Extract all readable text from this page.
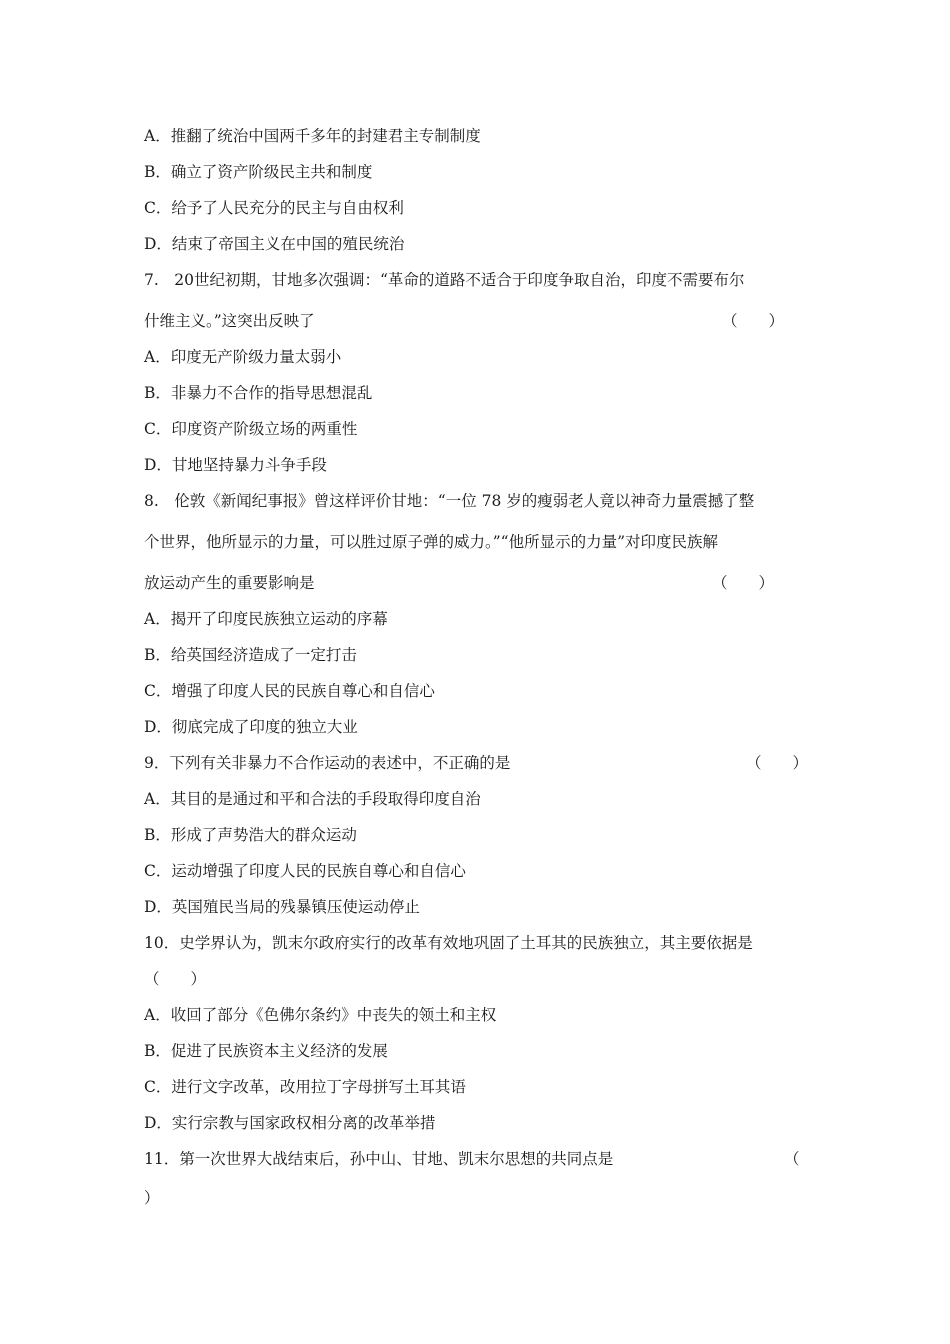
A．推翻了统治中国两千多年的封建君主专制制度
B．确立了资产阶级民主共和制度
C．给予了人民充分的民主与自由权利
D．结束了帝国主义在中国的殖民统治
7.　20世纪初期，甘地多次强调：“革命的道路不适合于印度争取自治，印度不需要布尔
什维主义。”这突出反映了	（　　）
A．印度无产阶级力量太弱小
B．非暴力不合作的指导思想混乱
C．印度资产阶级立场的两重性
D．甘地坚持暴力斗争手段
8.　伦敦《新闻纪事报》曾这样评价甘地：“一位 78 岁的瘦弱老人竟以神奇力量震撼了整
个世界，他所显示的力量，可以胜过原子弹的威力。”“他所显示的力量”对印度民族解
放运动产生的重要影响是	（　　）
A．揭开了印度民族独立运动的序幕
B．给英国经济造成了一定打击
C．增强了印度人民的民族自尊心和自信心
D．彻底完成了印度的独立大业
9．下列有关非暴力不合作运动的表述中，不正确的是	（　　）
A．其目的是通过和平和合法的手段取得印度自治
B．形成了声势浩大的群众运动
C．运动增强了印度人民的民族自尊心和自信心
D．英国殖民当局的残暴镇压使运动停止
10．史学界认为，凯末尔政府实行的改革有效地巩固了土耳其的民族独立，其主要依据是
（　　）
A．收回了部分《色佛尔条约》中丧失的领土和主权
B．促进了民族资本主义经济的发展
C．进行文字改革，改用拉丁字母拼写土耳其语
D．实行宗教与国家政权相分离的改革举措
11．第一次世界大战结束后，孙中山、甘地、凯末尔思想的共同点是	（
）
